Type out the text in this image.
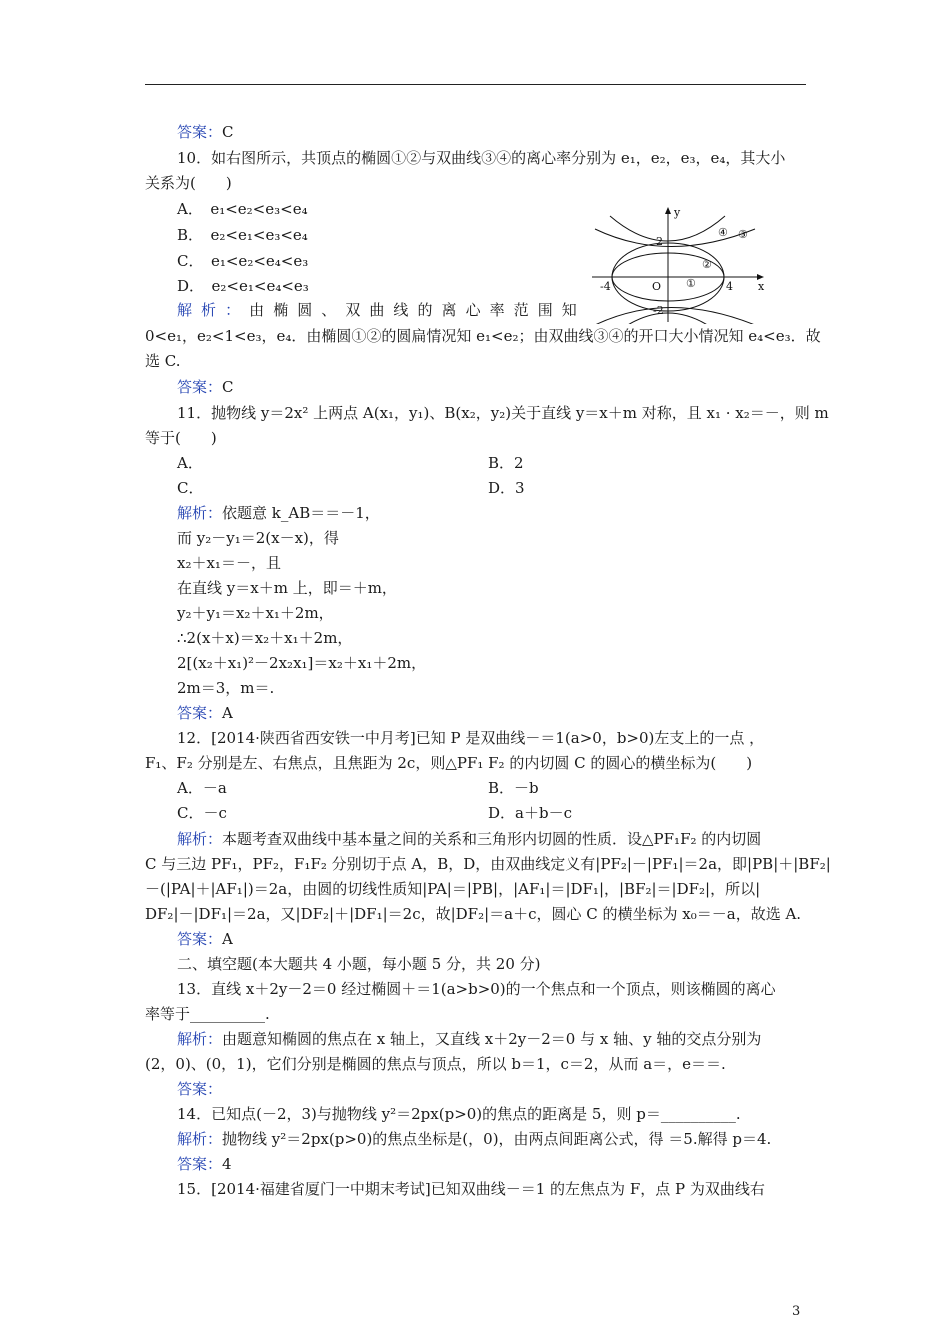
答案：C
10．如右图所示，共顶点的椭圆①②与双曲线③④的离心率分别为 e₁，e₂，e₃，e₄，其大小
关系为(　　)
A．　e₁<e₂<e₃<e₄
B．　e₂<e₁<e₃<e₄
C．　e₁<e₂<e₄<e₃
D．　e₂<e₁<e₄<e₃
解 析 ： 由 椭 圆 、 双 曲 线 的 离 心 率 范 围 知
0<e₁，e₂<1<e₃，e₄．由椭圆①②的圆扁情况知 e₁<e₂；由双曲线③④的开口大小情况知 e₄<e₃．故
选 C.
答案：C
y
x
O
2
-2
-4	4
①
②
③
④
11．抛物线 y＝2x² 上两点 A(x₁，y₁)、B(x₂，y₂)关于直线 y＝x＋m 对称，且 x₁ · x₂＝－，则 m
等于(　　)
A．	B．2
C．	D．3
解析：依题意 k_AB＝＝－1，
而 y₂－y₁＝2(x－x)，得
x₂＋x₁＝－，且
在直线 y＝x＋m 上，即＝＋m，
y₂＋y₁＝x₂＋x₁＋2m，
∴2(x＋x)＝x₂＋x₁＋2m，
2[(x₂＋x₁)²－2x₂x₁]＝x₂＋x₁＋2m，
2m＝3，m＝.
答案：A
12．[2014·陕西省西安铁一中月考]已知 P 是双曲线－＝1(a>0，b>0)左支上的一点 ，
F₁、F₂ 分别是左、右焦点，且焦距为 2c，则△PF₁ F₂ 的内切圆 C 的圆心的横坐标为(　　)
A．－a	B．－b
C．－c	D．a＋b－c
解析：本题考查双曲线中基本量之间的关系和三角形内切圆的性质．设△PF₁F₂ 的内切圆
C 与三边 PF₁，PF₂，F₁F₂ 分别切于点 A，B，D，由双曲线定义有|PF₂|－|PF₁|＝2a，即|PB|＋|BF₂|
－(|PA|＋|AF₁|)＝2a，由圆的切线性质知|PA|＝|PB|，|AF₁|＝|DF₁|，|BF₂|＝|DF₂|，所以|
DF₂|－|DF₁|＝2a，又|DF₂|＋|DF₁|＝2c，故|DF₂|＝a＋c，圆心 C 的横坐标为 x₀＝－a，故选 A.
答案：A
二、填空题(本大题共 4 小题，每小题 5 分，共 20 分)
13．直线 x＋2y－2＝0 经过椭圆＋＝1(a>b>0)的一个焦点和一个顶点，则该椭圆的离心
率等于__________.
解析：由题意知椭圆的焦点在 x 轴上，又直线 x＋2y－2＝0 与 x 轴、y 轴的交点分别为
(2，0)、(0，1)，它们分别是椭圆的焦点与顶点，所以 b＝1，c＝2，从而 a＝，e＝＝.
答案：
14．已知点(－2，3)与抛物线 y²＝2px(p>0)的焦点的距离是 5，则 p＝__________.
解析：抛物线 y²＝2px(p>0)的焦点坐标是(，0)，由两点间距离公式，得 ＝5.解得 p＝4.
答案：4
15．[2014·福建省厦门一中期末考试]已知双曲线－＝1 的左焦点为 F，点 P 为双曲线右
3
